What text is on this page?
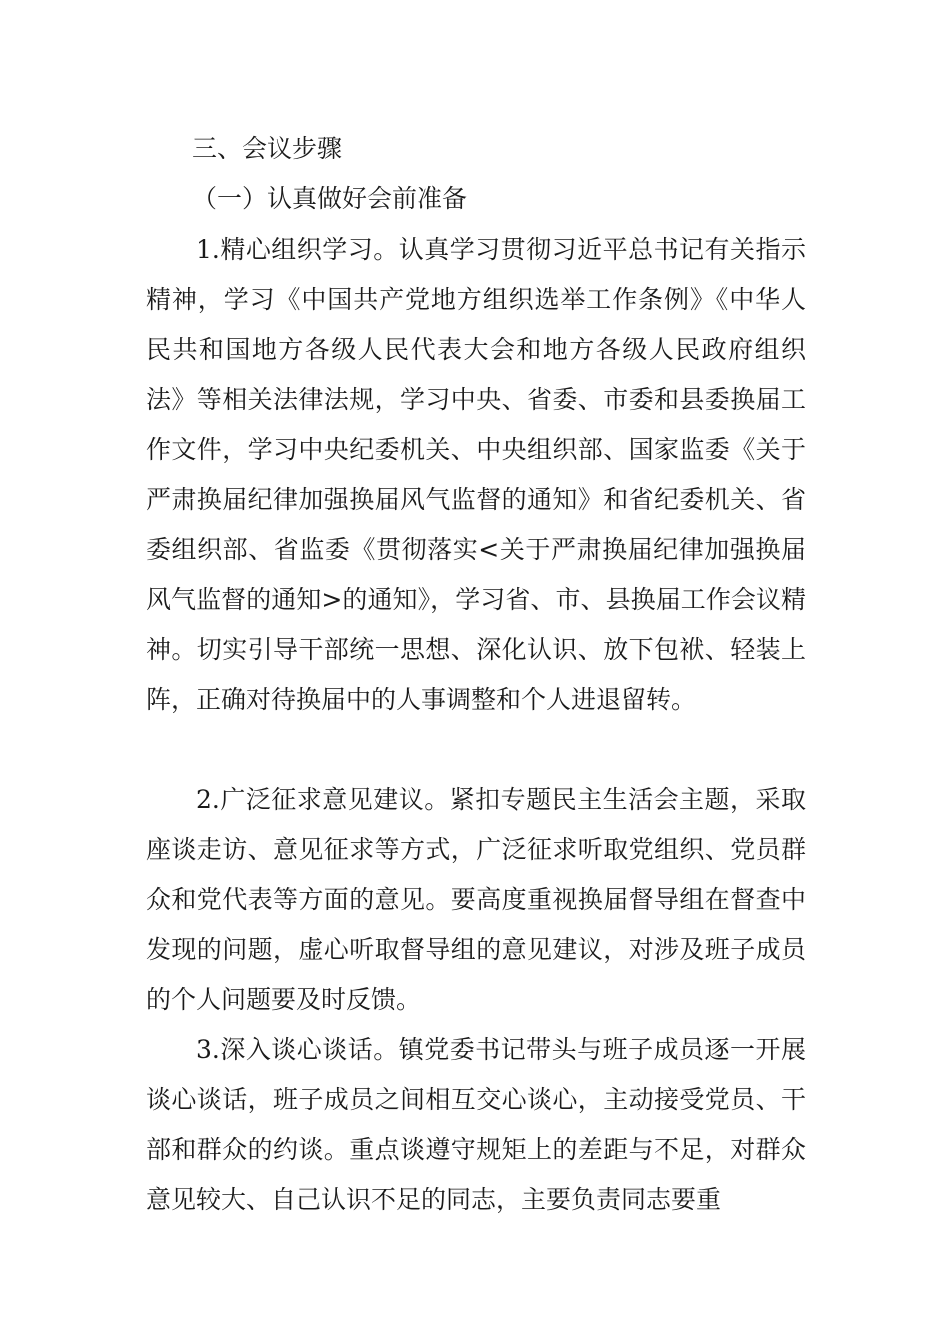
三、会议步骤
（一）认真做好会前准备

1.精心组织学习。认真学习贯彻习近平总书记有关指示精神，学习《中国共产党地方组织选举工作条例》《中华人民共和国地方各级人民代表大会和地方各级人民政府组织法》等相关法律法规，学习中央、省委、市委和县委换届工作文件，学习中央纪委机关、中央组织部、国家监委《关于严肃换届纪律加强换届风气监督的通知》和省纪委机关、省委组织部、省监委《贯彻落实<关于严肃换届纪律加强换届风气监督的通知>的通知》，学习省、市、县换届工作会议精神。切实引导干部统一思想、深化认识、放下包袱、轻装上阵，正确对待换届中的人事调整和个人进退留转。

2.广泛征求意见建议。紧扣专题民主生活会主题，采取座谈走访、意见征求等方式，广泛征求听取党组织、党员群众和党代表等方面的意见。要高度重视换届督导组在督查中发现的问题，虚心听取督导组的意见建议，对涉及班子成员的个人问题要及时反馈。

3.深入谈心谈话。镇党委书记带头与班子成员逐一开展谈心谈话，班子成员之间相互交心谈心，主动接受党员、干部和群众的约谈。重点谈遵守规矩上的差距与不足，对群众意见较大、自己认识不足的同志，主要负责同志要重
